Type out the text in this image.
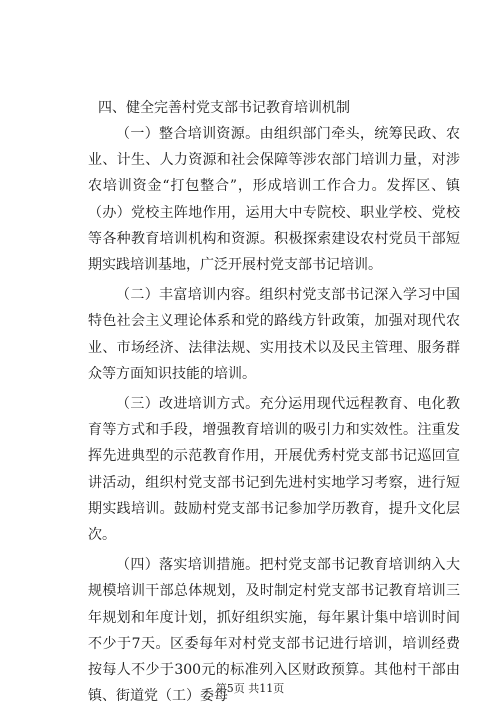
四、健全完善村党支部书记教育培训机制

（一）整合培训资源。由组织部门牵头，统筹民政、农业、计生、人力资源和社会保障等涉农部门培训力量，对涉农培训资金“打包整合”，形成培训工作合力。发挥区、镇（办）党校主阵地作用，运用大中专院校、职业学校、党校等各种教育培训机构和资源。积极探索建设农村党员干部短期实践培训基地，广泛开展村党支部书记培训。

（二）丰富培训内容。组织村党支部书记深入学习中国特色社会主义理论体系和党的路线方针政策，加强对现代农业、市场经济、法律法规、实用技术以及民主管理、服务群众等方面知识技能的培训。

（三）改进培训方式。充分运用现代远程教育、电化教育等方式和手段，增强教育培训的吸引力和实效性。注重发挥先进典型的示范教育作用，开展优秀村党支部书记巡回宣讲活动，组织村党支部书记到先进村实地学习考察，进行短期实践培训。鼓励村党支部书记参加学历教育，提升文化层次。

（四）落实培训措施。把村党支部书记教育培训纳入大规模培训干部总体规划，及时制定村党支部书记教育培训三年规划和年度计划，抓好组织实施，每年累计集中培训时间不少于7天。区委每年对村党支部书记进行培训，培训经费按每人不少于300元的标准列入区财政预算。其他村干部由镇、街道党（工）委每

第5页 共11页
